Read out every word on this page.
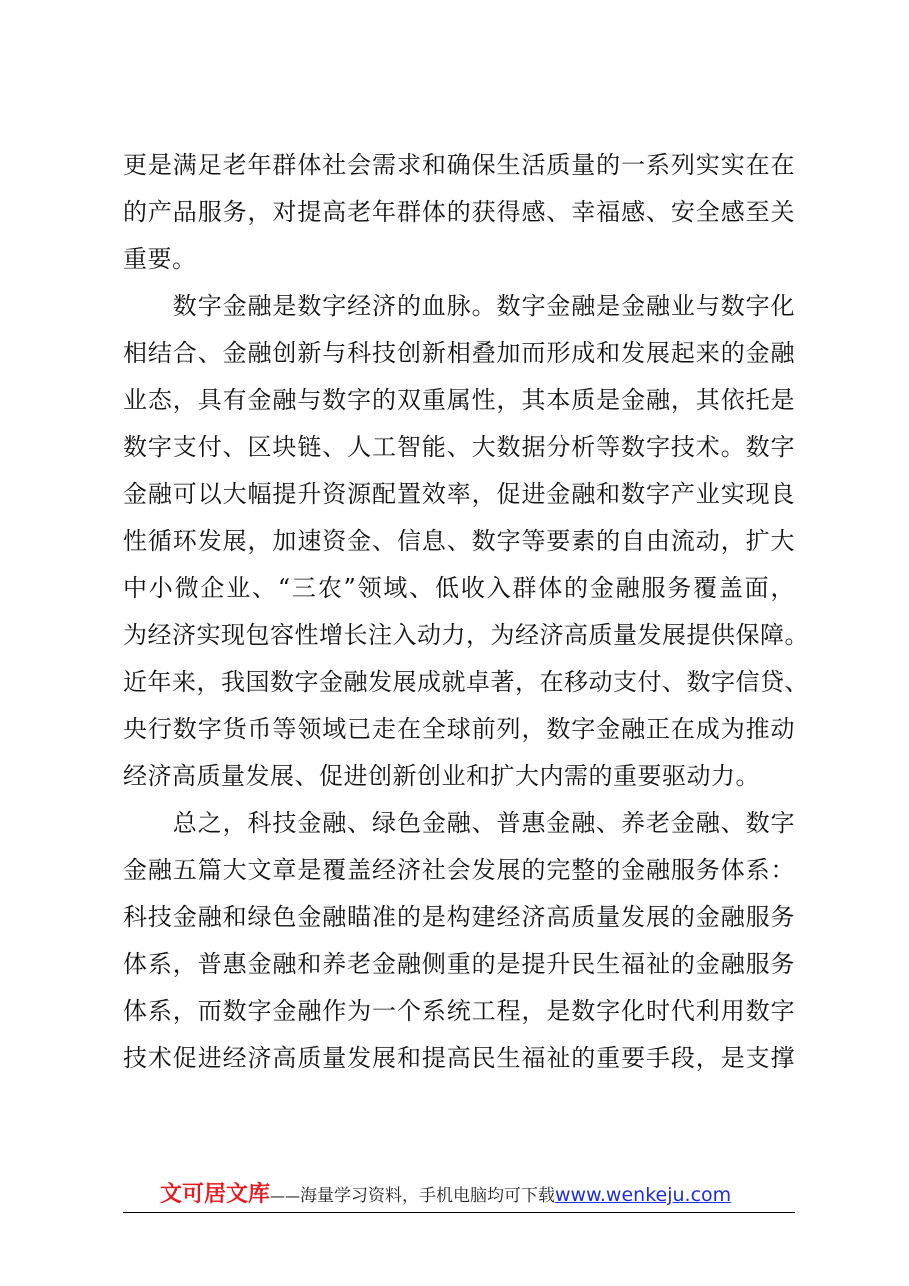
更是满足老年群体社会需求和确保生活质量的一系列实实在在
的产品服务，对提高老年群体的获得感、幸福感、安全感至关
重要。
　　数字金融是数字经济的血脉。数字金融是金融业与数字化
相结合、金融创新与科技创新相叠加而形成和发展起来的金融
业态，具有金融与数字的双重属性，其本质是金融，其依托是
数字支付、区块链、人工智能、大数据分析等数字技术。数字
金融可以大幅提升资源配置效率，促进金融和数字产业实现良
性循环发展，加速资金、信息、数字等要素的自由流动，扩大
中小微企业、“三农”领域、低收入群体的金融服务覆盖面，
为经济实现包容性增长注入动力，为经济高质量发展提供保障。
近年来，我国数字金融发展成就卓著，在移动支付、数字信贷、
央行数字货币等领域已走在全球前列，数字金融正在成为推动
经济高质量发展、促进创新创业和扩大内需的重要驱动力。
　　总之，科技金融、绿色金融、普惠金融、养老金融、数字
金融五篇大文章是覆盖经济社会发展的完整的金融服务体系：
科技金融和绿色金融瞄准的是构建经济高质量发展的金融服务
体系，普惠金融和养老金融侧重的是提升民生福祉的金融服务
体系，而数字金融作为一个系统工程，是数字化时代利用数字
技术促进经济高质量发展和提高民生福祉的重要手段，是支撑
文可居文库——海量学习资料，手机电脑均可下载www.wenkeju.com
